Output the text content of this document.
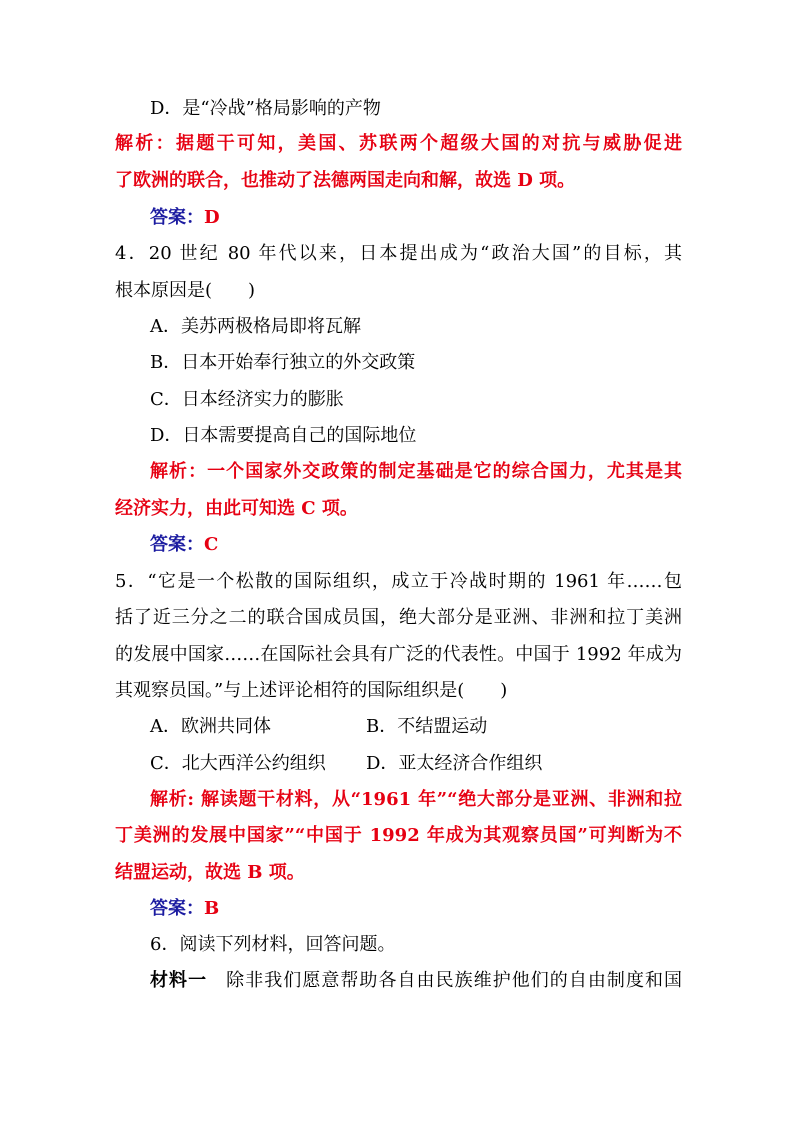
D．是“冷战”格局影响的产物
解析：据题干可知，美国、苏联两个超级大国的对抗与威胁促进
了欧洲的联合，也推动了法德两国走向和解，故选 D 项。
答案：D
4．20 世纪 80 年代以来，日本提出成为“政治大国”的目标，其
根本原因是(　　)
A．美苏两极格局即将瓦解
B．日本开始奉行独立的外交政策
C．日本经济实力的膨胀
D．日本需要提高自己的国际地位
解析：一个国家外交政策的制定基础是它的综合国力，尤其是其
经济实力，由此可知选 C 项。
答案：C
5．“它是一个松散的国际组织，成立于冷战时期的 1961 年……包
括了近三分之二的联合国成员国，绝大部分是亚洲、非洲和拉丁美洲
的发展中国家……在国际社会具有广泛的代表性。中国于 1992 年成为
其观察员国。”与上述评论相符的国际组织是(　　)
A．欧洲共同体	B．不结盟运动
C．北大西洋公约组织 D．亚太经济合作组织
解析: 解读题干材料，从“1961 年”“绝大部分是亚洲、非洲和拉
丁美洲的发展中国家”“中国于 1992 年成为其观察员国”可判断为不
结盟运动，故选 B 项。
答案：B
6．阅读下列材料，回答问题。
材料一　 除非我们愿意帮助各自由民族维护他们的自由制度和国
